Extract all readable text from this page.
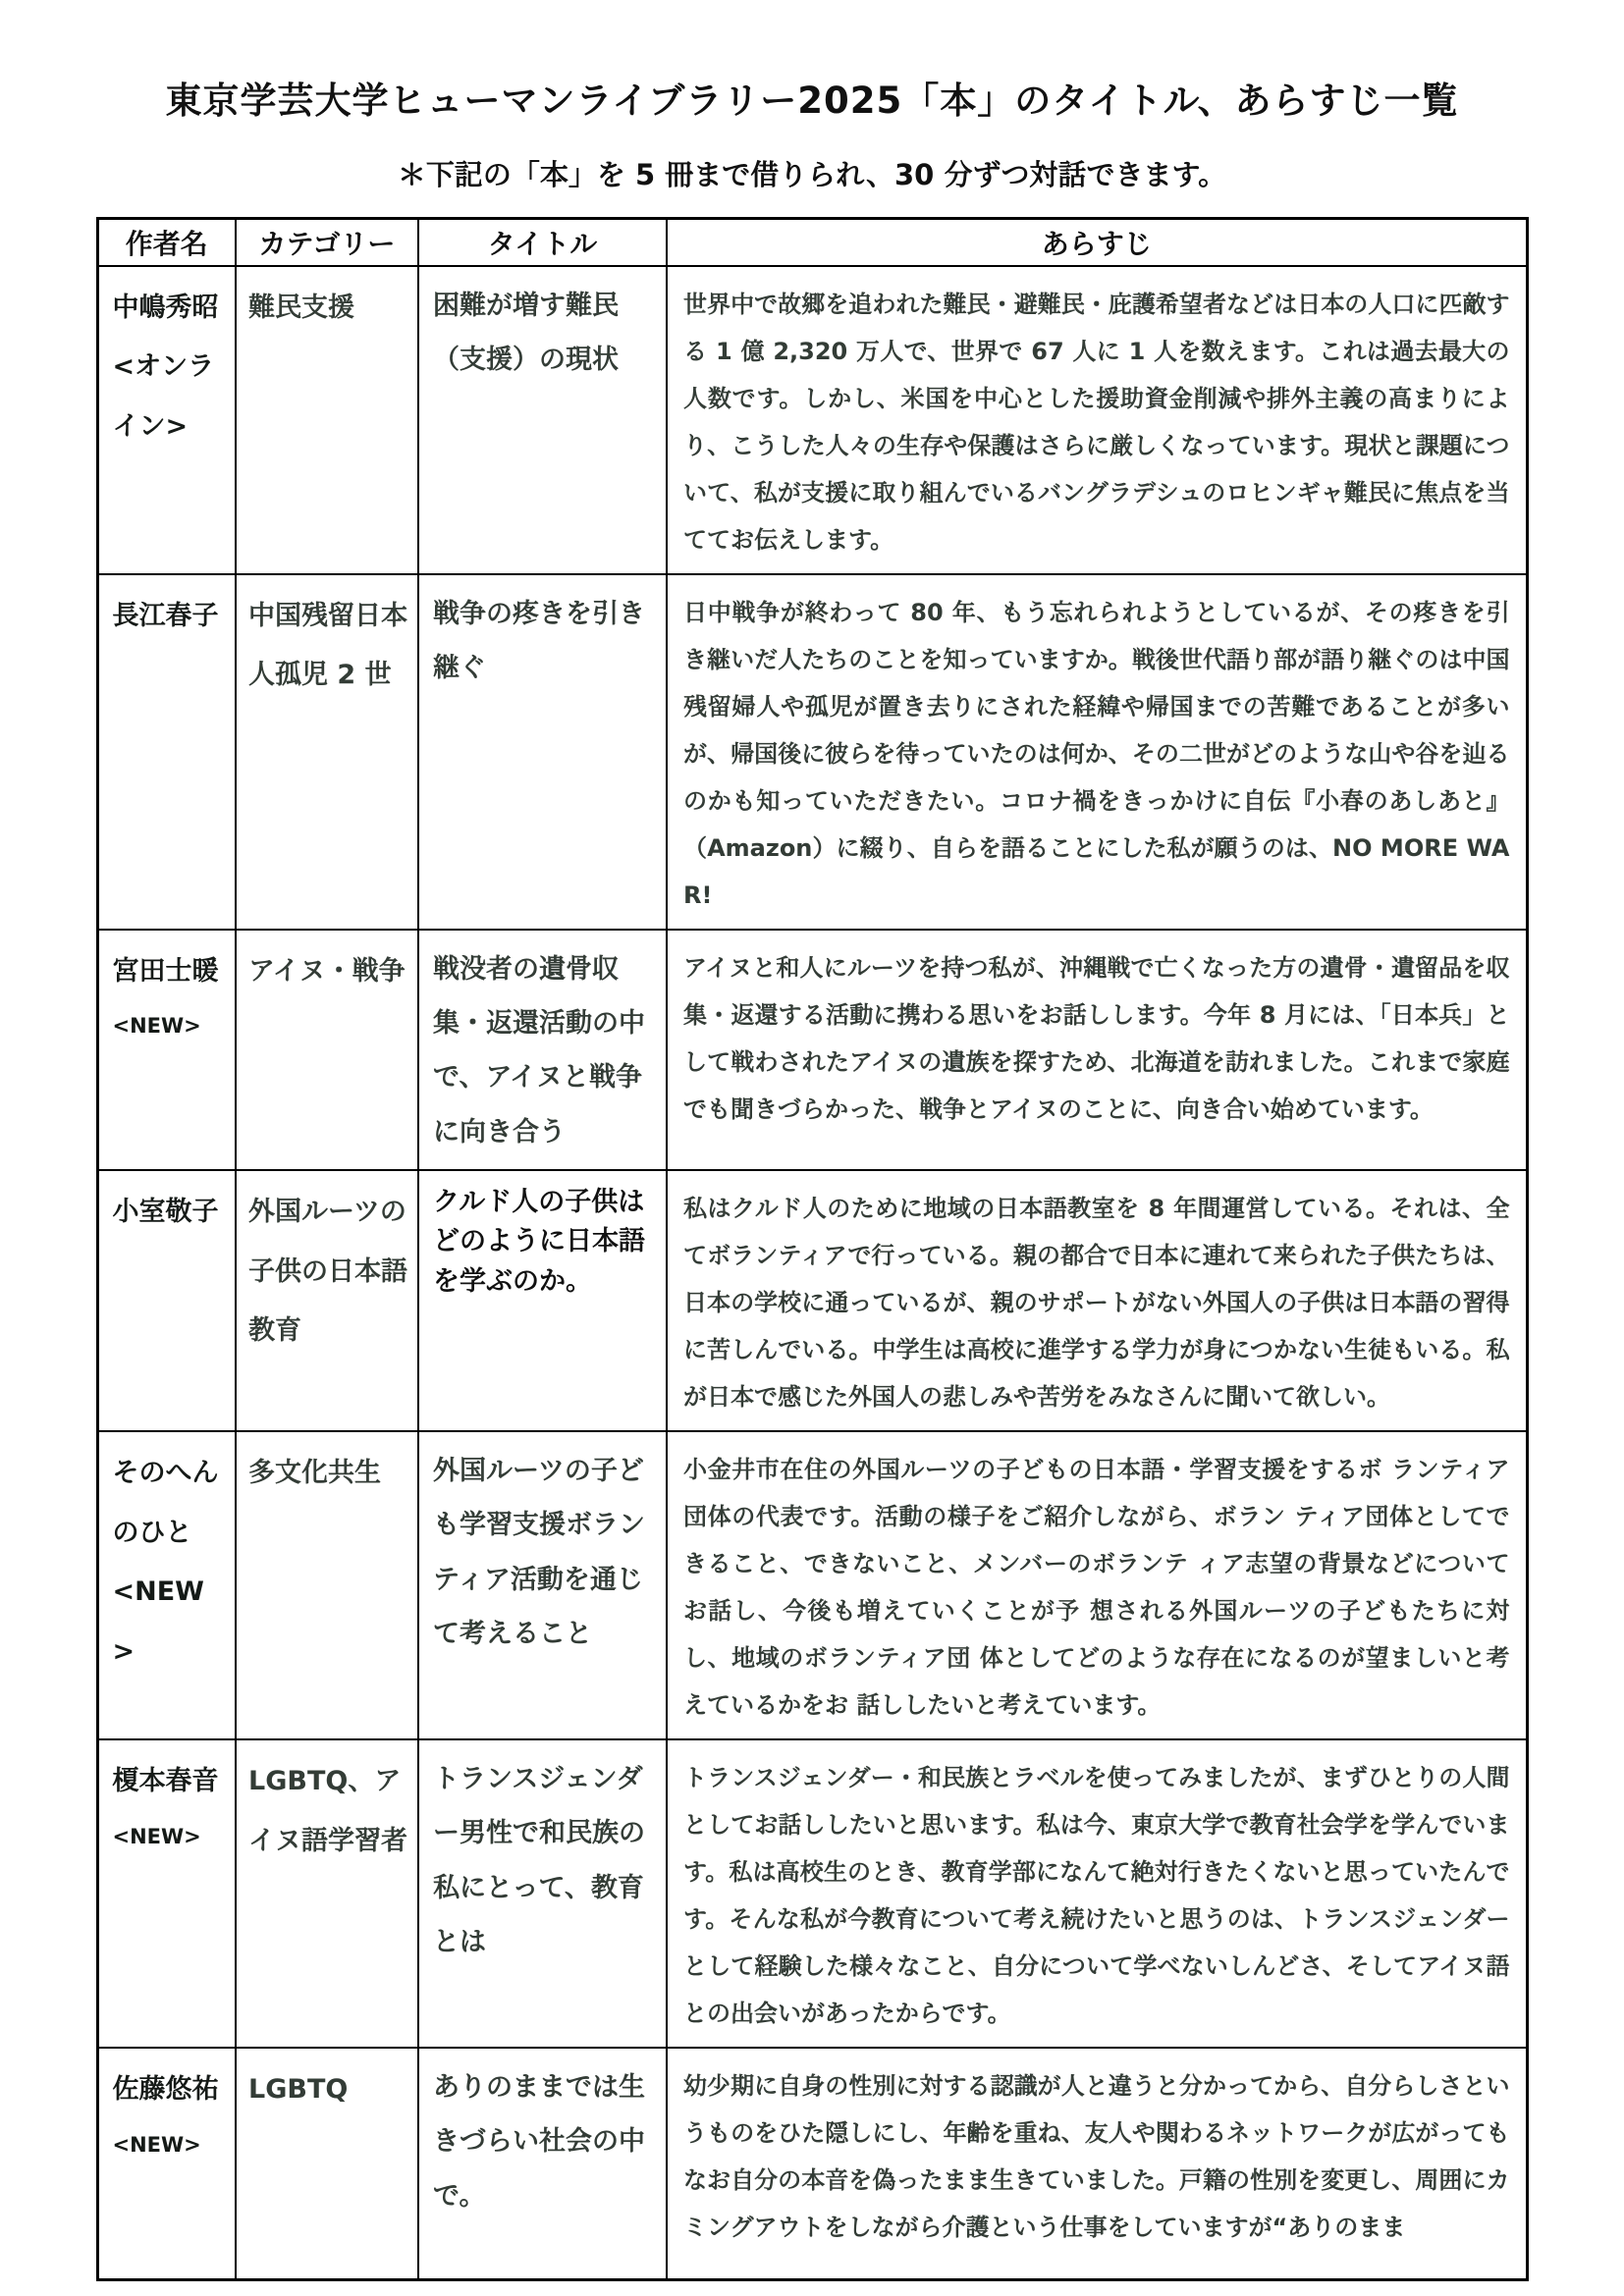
東京学芸大学ヒューマンライブラリー2025「本」のタイトル、あらすじ一覧
＊下記の「本」を 5 冊まで借りられ、30 分ずつ対話できます。
作者名	カテゴリー	タイトル	あらすじ

中嶋秀昭
<オンライン>	難民支援	困難が増す難民（支援）の現状	世界中で故郷を追われた難民・避難民・庇護希望者などは日本の人口に匹敵する 1 億 2,320 万人で、世界で 67 人に 1 人を数えます。これは過去最大の人数です。しかし、米国を中心とした援助資金削減や排外主義の高まりにより、こうした人々の生存や保護はさらに厳しくなっています。現状と課題について、私が支援に取り組んでいるバングラデシュのロヒンギャ難民に焦点を当ててお伝えします。

長江春子	中国残留日本人孤児 2 世	戦争の疼きを引き継ぐ	日中戦争が終わって 80 年、もう忘れられようとしているが、その疼きを引き継いだ人たちのことを知っていますか。戦後世代語り部が語り継ぐのは中国残留婦人や孤児が置き去りにされた経緯や帰国までの苦難であることが多いが、帰国後に彼らを待っていたのは何か、その二世がどのような山や谷を辿るのかも知っていただきたい。コロナ禍をきっかけに自伝『小春のあしあと』（Amazon）に綴り、自らを語ることにした私が願うのは、NO MORE WAR!

宮田士暖
<NEW>	アイヌ・戦争	戦没者の遺骨収集・返還活動の中で、アイヌと戦争に向き合う	アイヌと和人にルーツを持つ私が、沖縄戦で亡くなった方の遺骨・遺留品を収集・返還する活動に携わる思いをお話しします。今年 8 月には、「日本兵」として戦わされたアイヌの遺族を探すため、北海道を訪れました。これまで家庭でも聞きづらかった、戦争とアイヌのことに、向き合い始めています。

小室敬子	外国ルーツの子供の日本語教育	クルド人の子供はどのように日本語を学ぶのか。	私はクルド人のために地域の日本語教室を 8 年間運営している。それは、全てボランティアで行っている。親の都合で日本に連れて来られた子供たちは、日本の学校に通っているが、親のサポートがない外国人の子供は日本語の習得に苦しんでいる。中学生は高校に進学する学力が身につかない生徒もいる。私が日本で感じた外国人の悲しみや苦労をみなさんに聞いて欲しい。

そのへんのひと
<NEW>	多文化共生	外国ルーツの子ども学習支援ボランティア活動を通じて考えること	小金井市在住の外国ルーツの子どもの日本語・学習支援をするボ ランティア団体の代表です。活動の様子をご紹介しながら、ボラン ティア団体としてできること、できないこと、メンバーのボランテ ィア志望の背景などについてお話し、今後も増えていくことが予 想される外国ルーツの子どもたちに対し、地域のボランティア団 体としてどのような存在になるのが望ましいと考えているかをお 話ししたいと考えています。

榎本春音
<NEW>	LGBTQ、アイヌ語学習者	トランスジェンダー男性で和民族の私にとって、教育とは	トランスジェンダー・和民族とラベルを使ってみましたが、まずひとりの人間としてお話ししたいと思います。私は今、東京大学で教育社会学を学んでいます。私は高校生のとき、教育学部になんて絶対行きたくないと思っていたんです。そんな私が今教育について考え続けたいと思うのは、トランスジェンダーとして経験した様々なこと、自分について学べないしんどさ、そしてアイヌ語との出会いがあったからです。

佐藤悠祐
<NEW>	LGBTQ	ありのままでは生きづらい社会の中で。	幼少期に自身の性別に対する認識が人と違うと分かってから、自分らしさというものをひた隠しにし、年齢を重ね、友人や関わるネットワークが広がってもなお自分の本音を偽ったまま生きていました。戸籍の性別を変更し、周囲にカミングアウトをしながら介護という仕事をしていますが“ありのまま
